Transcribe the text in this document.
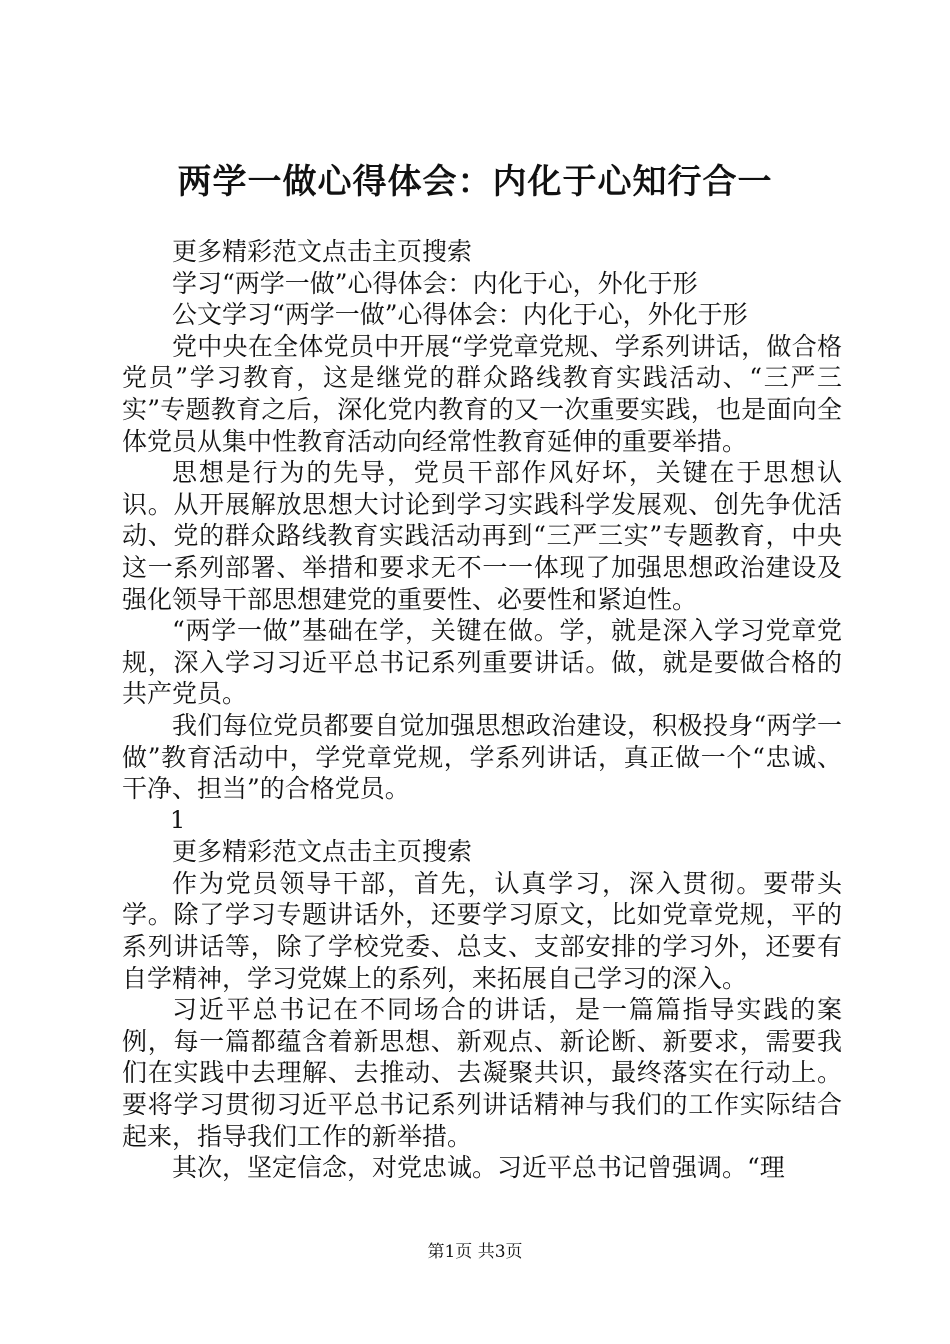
两学一做心得体会：内化于心知行合一

更多精彩范文点击主页搜索

学习“两学一做”心得体会：内化于心，外化于形

公文学习“两学一做”心得体会：内化于心，外化于形

党中央在全体党员中开展“学党章党规、学系列讲话，做合格党员”学习教育，这是继党的群众路线教育实践活动、“三严三实”专题教育之后，深化党内教育的又一次重要实践，也是面向全体党员从集中性教育活动向经常性教育延伸的重要举措。

思想是行为的先导，党员干部作风好坏，关键在于思想认识。从开展解放思想大讨论到学习实践科学发展观、创先争优活动、党的群众路线教育实践活动再到“三严三实”专题教育，中央这一系列部署、举措和要求无不一一体现了加强思想政治建设及强化领导干部思想建党的重要性、必要性和紧迫性。

“两学一做”基础在学，关键在做。学，就是深入学习党章党规，深入学习习近平总书记系列重要讲话。做，就是要做合格的共产党员。

我们每位党员都要自觉加强思想政治建设，积极投身“两学一做”教育活动中，学党章党规，学系列讲话，真正做一个“忠诚、干净、担当”的合格党员。

1

更多精彩范文点击主页搜索

作为党员领导干部，首先，认真学习，深入贯彻。要带头学。除了学习专题讲话外，还要学习原文，比如党章党规，平的系列讲话等，除了学校党委、总支、支部安排的学习外，还要有自学精神，学习党媒上的系列，来拓展自己学习的深入。

习近平总书记在不同场合的讲话，是一篇篇指导实践的案例，每一篇都蕴含着新思想、新观点、新论断、新要求，需要我们在实践中去理解、去推动、去凝聚共识，最终落实在行动上。要将学习贯彻习近平总书记系列讲话精神与我们的工作实际结合起来，指导我们工作的新举措。

其次，坚定信念，对党忠诚。习近平总书记曾强调。“理

第1页 共3页
